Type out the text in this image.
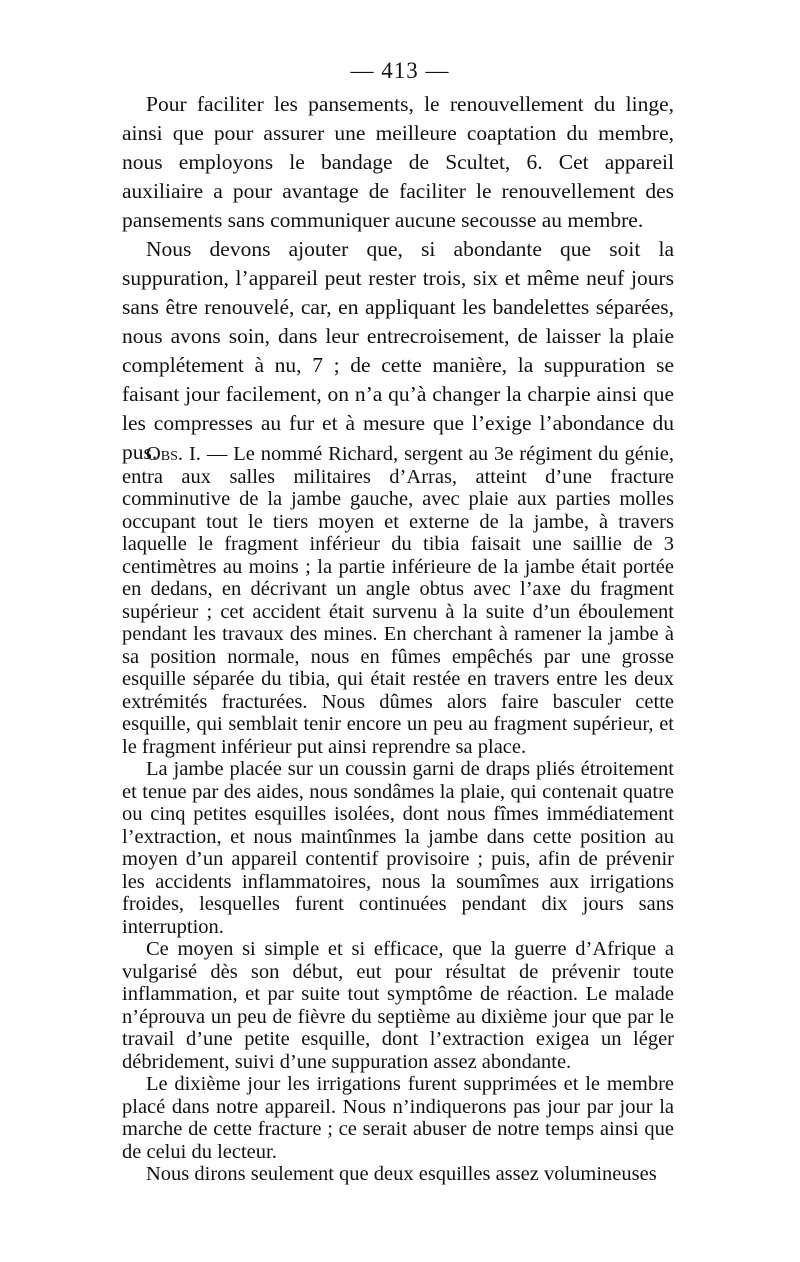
— 413 —

Pour faciliter les pansements, le renouvellement du linge, ainsi que pour assurer une meilleure coaptation du membre, nous employons le bandage de Scultet, 6. Cet appareil auxiliaire a pour avantage de faciliter le renouvellement des pansements sans communiquer aucune secousse au membre.

Nous devons ajouter que, si abondante que soit la suppuration, l’appareil peut rester trois, six et même neuf jours sans être renouvelé, car, en appliquant les bandelettes séparées, nous avons soin, dans leur entrecroisement, de laisser la plaie complétement à nu, 7 ; de cette manière, la suppuration se faisant jour facilement, on n’a qu’à changer la charpie ainsi que les compresses au fur et à mesure que l’exige l’abondance du pus.

Obs. I. — Le nommé Richard, sergent au 3e régiment du génie, entra aux salles militaires d’Arras, atteint d’une fracture comminutive de la jambe gauche, avec plaie aux parties molles occupant tout le tiers moyen et externe de la jambe, à travers laquelle le fragment inférieur du tibia faisait une saillie de 3 centimètres au moins ; la partie inférieure de la jambe était portée en dedans, en décrivant un angle obtus avec l’axe du fragment supérieur ; cet accident était survenu à la suite d’un éboulement pendant les travaux des mines. En cherchant à ramener la jambe à sa position normale, nous en fûmes empêchés par une grosse esquille séparée du tibia, qui était restée en travers entre les deux extrémités fracturées. Nous dûmes alors faire basculer cette esquille, qui semblait tenir encore un peu au fragment supérieur, et le fragment inférieur put ainsi reprendre sa place.

La jambe placée sur un coussin garni de draps pliés étroitement et tenue par des aides, nous sondâmes la plaie, qui contenait quatre ou cinq petites esquilles isolées, dont nous fîmes immédiatement l’extraction, et nous maintînmes la jambe dans cette position au moyen d’un appareil contentif provisoire ; puis, afin de prévenir les accidents inflammatoires, nous la soumîmes aux irrigations froides, lesquelles furent continuées pendant dix jours sans interruption.

Ce moyen si simple et si efficace, que la guerre d’Afrique a vulgarisé dès son début, eut pour résultat de prévenir toute inflammation, et par suite tout symptôme de réaction. Le malade n’éprouva un peu de fièvre du septième au dixième jour que par le travail d’une petite esquille, dont l’extraction exigea un léger débridement, suivi d’une suppuration assez abondante.

Le dixième jour les irrigations furent supprimées et le membre placé dans notre appareil. Nous n’indiquerons pas jour par jour la marche de cette fracture ; ce serait abuser de notre temps ainsi que de celui du lecteur.

Nous dirons seulement que deux esquilles assez volumineuses
